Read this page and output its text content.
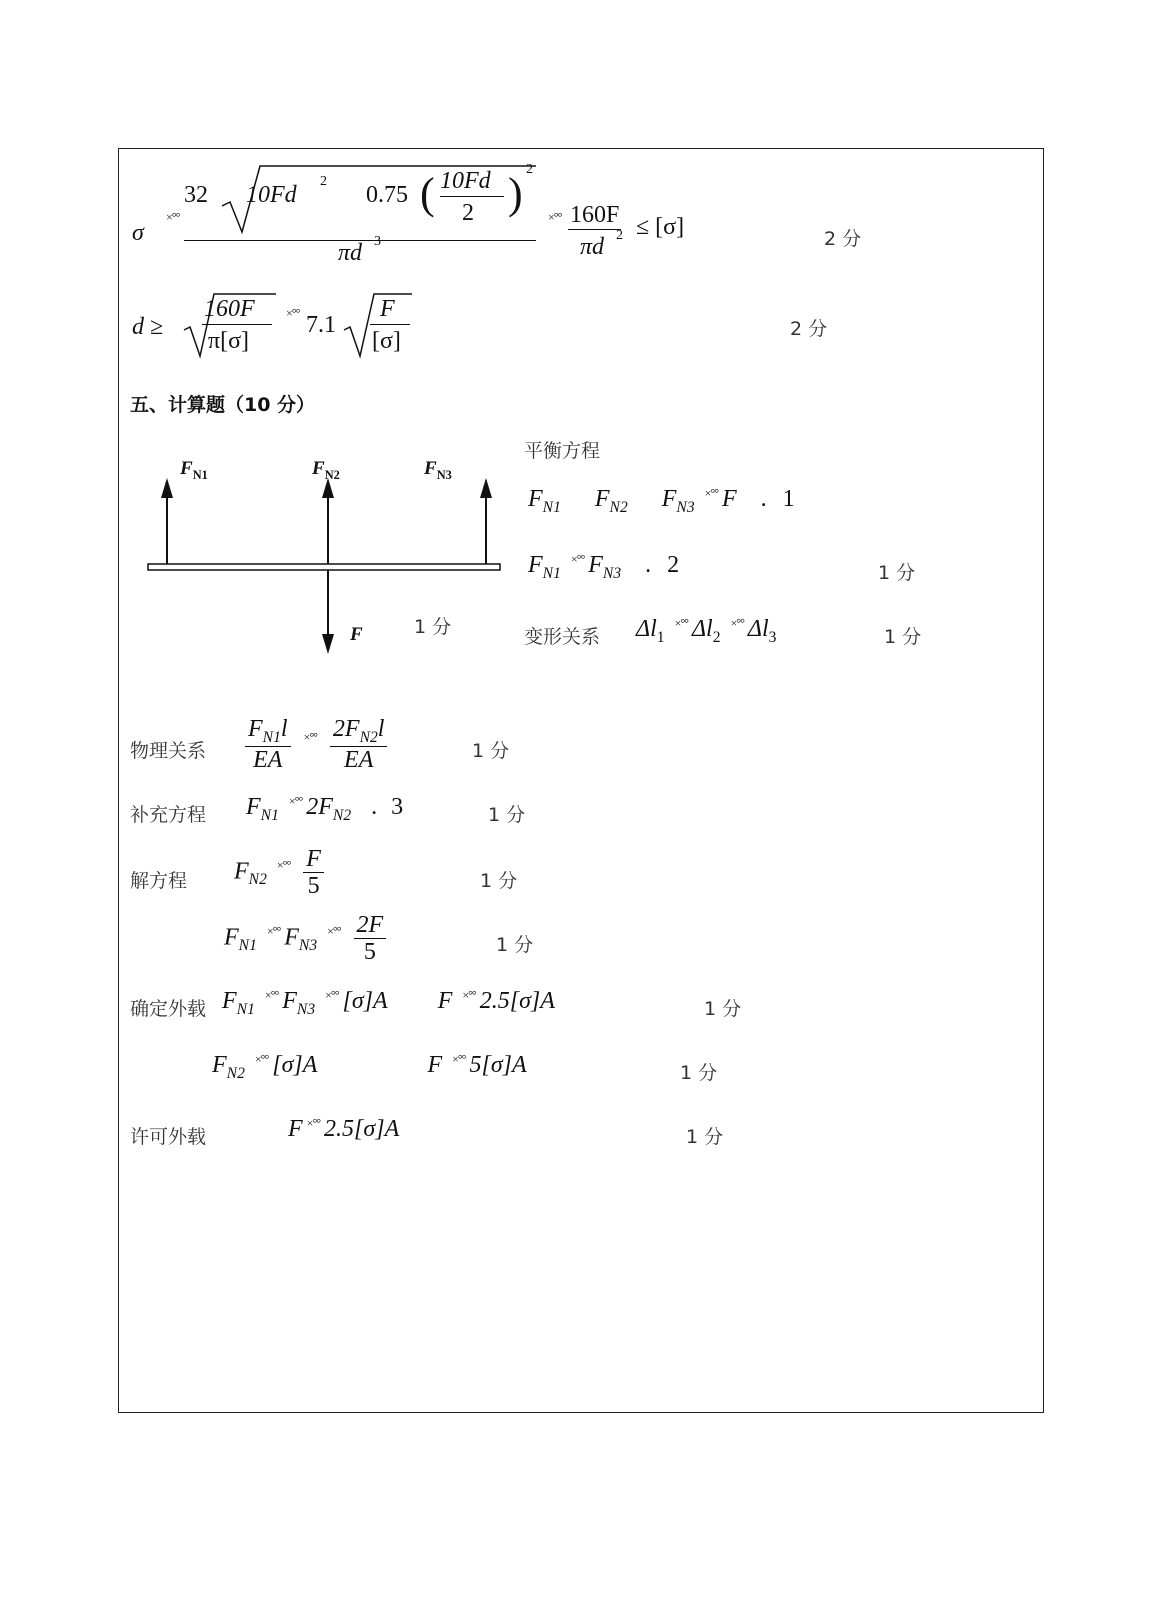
σ
×°°
32 10Fd
2
0.75 ( 10Fd
2 ) 2
πd 3
×°° 160F
πd 2 ≤ [σ]	2 分
d ≥
160F
π[σ]
×°° 7.1
F
[σ]	2 分
五、计算题（10 分）
$F_{N1}$	$F_{N2}$	$F_{N3}$
F	1 分
平衡方程
$F_{N1}$ $F_{N2}$ $F_{N3}$ ×°° F . 1
$F_{N1}$ ×°° $F_{N3}$ . 2	1 分
变形关系 $\Delta l_1$ ×°° $\Delta l_2$ ×°° $\Delta l_3$	1 分
物理关系 $\frac{F_{N1}l}{EA} ^{\times^\circ^\circ} \frac{2F_{N2}l}{EA}$	1 分
补充方程 $F_{N1}$ ×°° $2F_{N2}$ . 3	1 分
解方程 $F_{N2}$ $^{\times^\circ^\circ} \frac{F}{5}$	1 分
$F_{N1}$ ×°° $F_{N3}$ $^{\times^\circ^\circ} \frac{2F}{5}$	1 分
确定外载 $F_{N1}$ ×°° $F_{N3}$ ×°° [σ]A F ×°° 2.5[σ]A	1 分
$F_{N2}$ ×°° [σ]A	F ×°° 5[σ]A	1 分
许可外载	F ×°° 2.5[σ]A	1 分
